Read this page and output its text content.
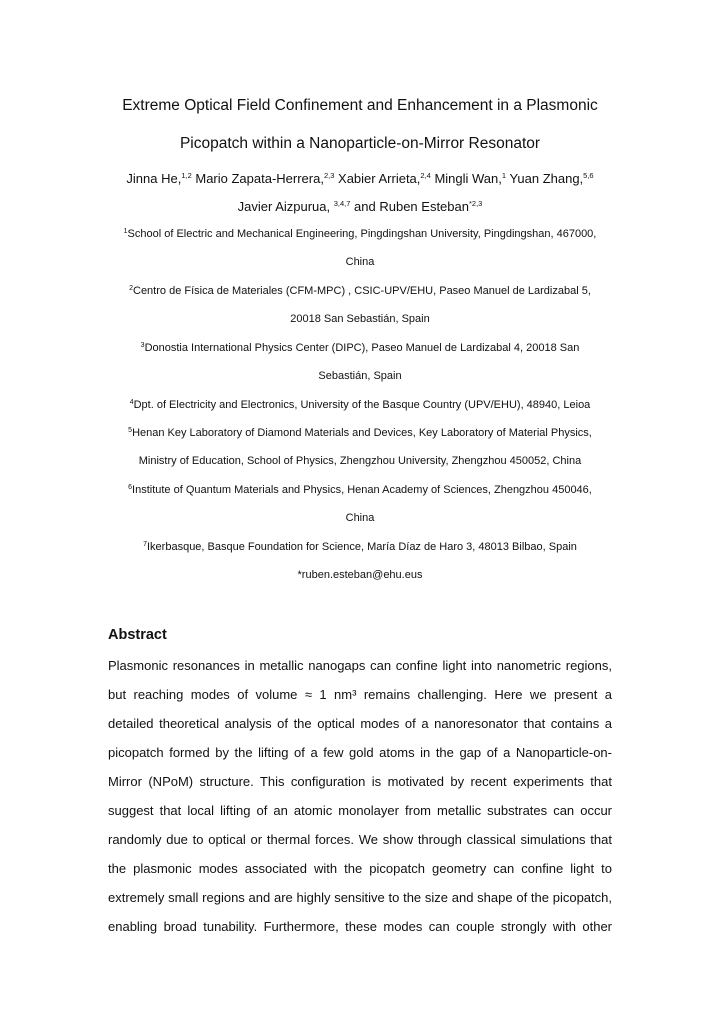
Extreme Optical Field Confinement and Enhancement in a Plasmonic
Picopatch within a Nanoparticle-on-Mirror Resonator
Jinna He,$^{1,2}$ Mario Zapata-Herrera,$^{2,3}$ Xabier Arrieta,$^{2,4}$ Mingli Wan,$^1$ Yuan Zhang,$^{5,6}$
Javier Aizpurua, $^{3,4,7}$ and Ruben Esteban$^{*2,3}$
$^1$School of Electric and Mechanical Engineering, Pingdingshan University, Pingdingshan, 467000,
China
$^2$Centro de Física de Materiales (CFM-MPC) , CSIC-UPV/EHU, Paseo Manuel de Lardizabal 5,
20018 San Sebastián, Spain
$^3$Donostia International Physics Center (DIPC), Paseo Manuel de Lardizabal 4, 20018 San
Sebastián, Spain
$^4$Dpt. of Electricity and Electronics, University of the Basque Country (UPV/EHU), 48940, Leioa
$^5$Henan Key Laboratory of Diamond Materials and Devices, Key Laboratory of Material Physics,
Ministry of Education, School of Physics, Zhengzhou University, Zhengzhou 450052, China
$^6$Institute of Quantum Materials and Physics, Henan Academy of Sciences, Zhengzhou 450046,
China
$^7$Ikerbasque, Basque Foundation for Science, María Díaz de Haro 3, 48013 Bilbao, Spain
*ruben.esteban@ehu.eus
Abstract
Plasmonic resonances in metallic nanogaps can confine light into nanometric regions,
but reaching modes of volume ≈ 1 nm³ remains challenging. Here we present a
detailed theoretical analysis of the optical modes of a nanoresonator that contains a
picopatch formed by the lifting of a few gold atoms in the gap of a Nanoparticle-on-
Mirror (NPoM) structure. This configuration is motivated by recent experiments that
suggest that local lifting of an atomic monolayer from metallic substrates can occur
randomly due to optical or thermal forces. We show through classical simulations that
the plasmonic modes associated with the picopatch geometry can confine light to
extremely small regions and are highly sensitive to the size and shape of the picopatch,
enabling broad tunability. Furthermore, these modes can couple strongly with other
